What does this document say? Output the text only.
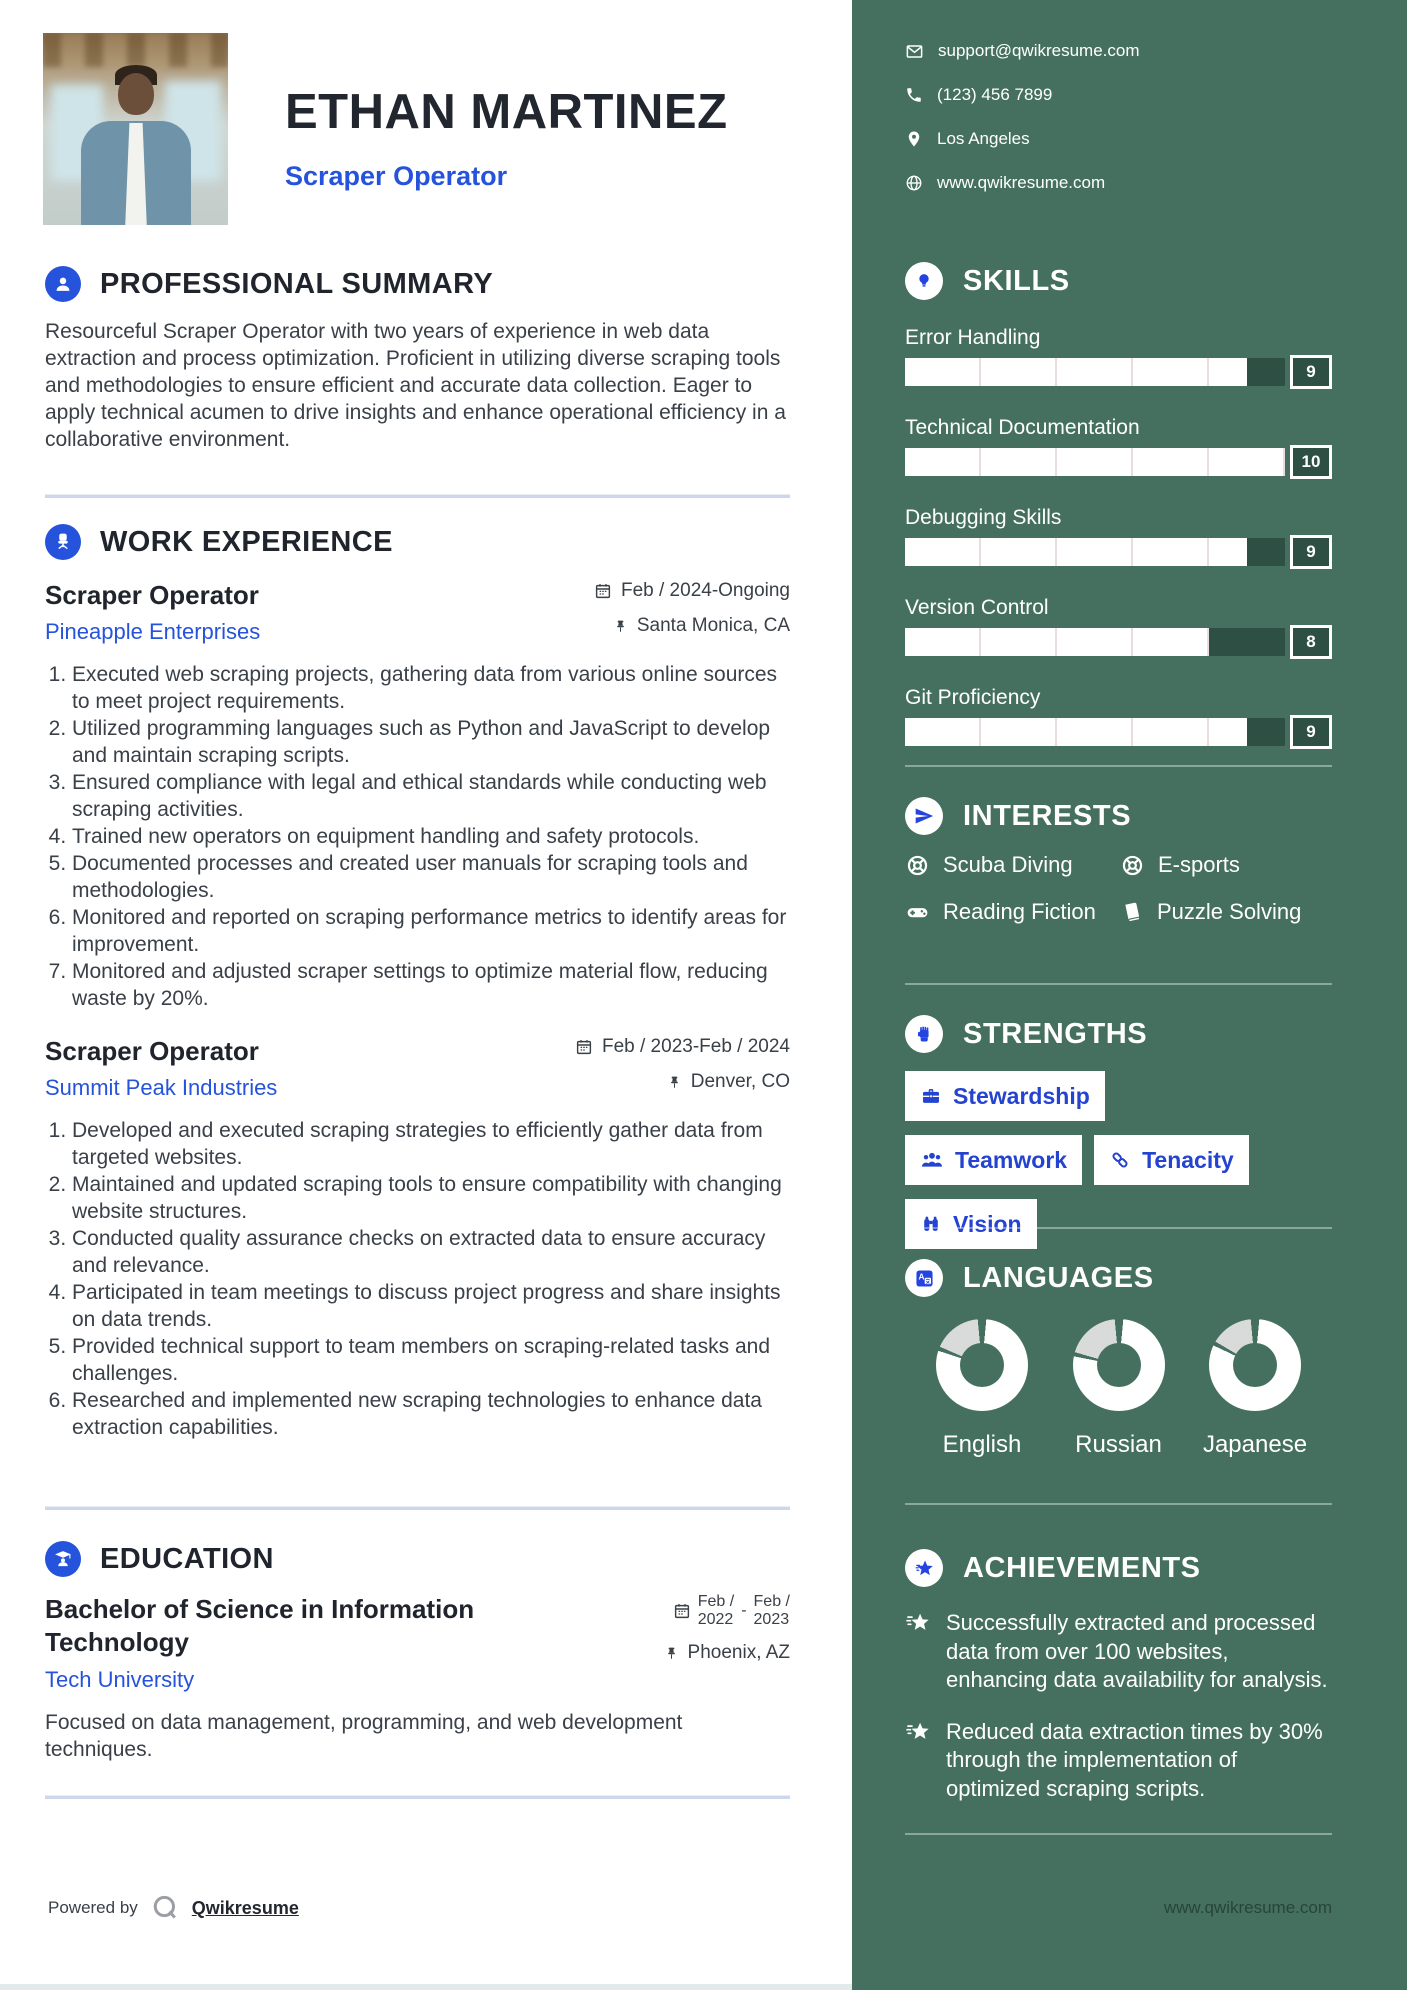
ETHAN MARTINEZ
Scraper Operator
PROFESSIONAL SUMMARY

Resourceful Scraper Operator with two years of experience in web data extraction and process optimization. Proficient in utilizing diverse scraping tools and methodologies to ensure efficient and accurate data collection. Eager to apply technical acumen to drive insights and enhance operational efficiency in a collaborative environment.

WORK EXPERIENCE
Scraper Operator
Pineapple Enterprises
Feb / 2024-Ongoing
Santa Monica, CA
1. Executed web scraping projects, gathering data from various online sources to meet project requirements.
2. Utilized programming languages such as Python and JavaScript to develop and maintain scraping scripts.
3. Ensured compliance with legal and ethical standards while conducting web scraping activities.
4. Trained new operators on equipment handling and safety protocols.
5. Documented processes and created user manuals for scraping tools and methodologies.
6. Monitored and reported on scraping performance metrics to identify areas for improvement.
7. Monitored and adjusted scraper settings to optimize material flow, reducing waste by 20%.
Scraper Operator
Summit Peak Industries
Feb / 2023-Feb / 2024
Denver, CO
1. Developed and executed scraping strategies to efficiently gather data from targeted websites.
2. Maintained and updated scraping tools to ensure compatibility with changing website structures.
3. Conducted quality assurance checks on extracted data to ensure accuracy and relevance.
4. Participated in team meetings to discuss project progress and share insights on data trends.
5. Provided technical support to team members on scraping-related tasks and challenges.
6. Researched and implemented new scraping technologies to enhance data extraction capabilities.
EDUCATION
Bachelor of Science in Information Technology
Tech University
Feb /
2022
-
Feb /
2023
Phoenix, AZ

Focused on data management, programming, and web development techniques.

Powered by	Qwikresume
support@qwikresume.com
(123) 456 7899
Los Angeles
www.qwikresume.com
SKILLS
Error Handling
9
Technical Documentation
10
Debugging Skills
9
Version Control
8
Git Proficiency
9
INTERESTS
Scuba Diving	E-sports
Reading Fiction	Puzzle Solving
STRENGTHS
Stewardship
Teamwork	Tenacity
Vision
A LANGUAGES
English Russian Japanese
ACHIEVEMENTS
Successfully extracted and processed data from over 100 websites, enhancing data availability for analysis.
Reduced data extraction times by 30% through the implementation of optimized scraping scripts.
www.qwikresume.com
